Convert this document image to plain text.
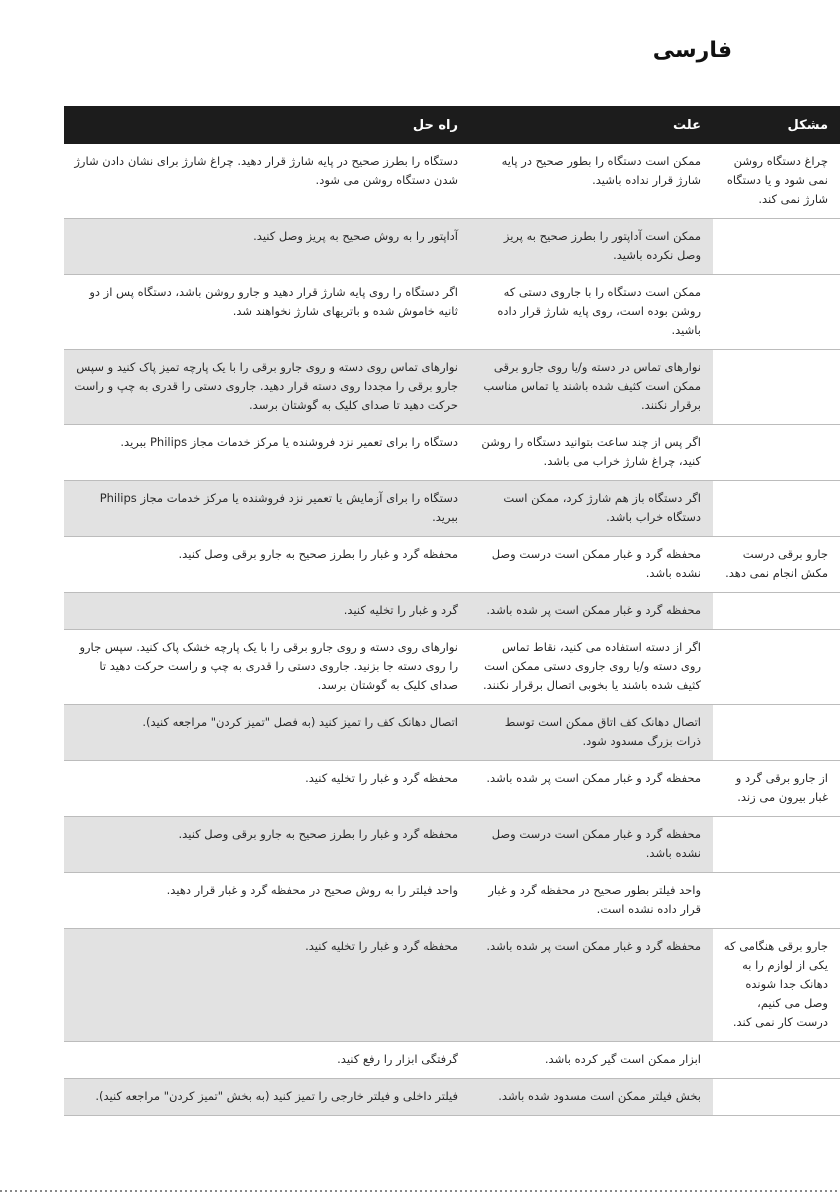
فارسی
مشکل	علت	راه حل
چراغ دستگاه روشن نمی شود و یا دستگاه شارژ نمی کند.	ممکن است دستگاه را بطور صحیح در پایه شارژ قرار نداده باشید.	دستگاه را بطرز صحیح در پایه شارژ قرار دهید. چراغ شارژ برای نشان دادن شارژ شدن دستگاه روشن می شود.
	ممکن است آداپتور را بطرز صحیح به پریز وصل نکرده باشید.	آداپتور را به روش صحیح به پریز وصل کنید.
	ممکن است دستگاه را با جاروی دستی که روشن بوده است، روی پایه شارژ قرار داده باشید.	اگر دستگاه را روی پایه شارژ قرار دهید و جارو روشن باشد، دستگاه پس از دو ثانیه خاموش شده و باتریهای شارژ نخواهند شد.
	نوارهای تماس در دسته و/یا روی جارو برقی ممکن است کثیف شده باشند یا تماس مناسب برقرار نکنند.	نوارهای تماس روی دسته و روی جارو برقی را با یک پارچه تمیز پاک کنید و سپس جارو برقی را مجددا روی دسته قرار دهید. جاروی دستی را قدری به چپ و راست حرکت دهید تا صدای کلیک به گوشتان برسد.
	اگر پس از چند ساعت بتوانید دستگاه را روشن کنید، چراغ شارژ خراب می باشد.	دستگاه را برای تعمیر نزد فروشنده یا مرکز خدمات مجاز Philips ببرید.
	اگر دستگاه باز هم شارژ کرد، ممکن است دستگاه خراب باشد.	دستگاه را برای آزمایش یا تعمیر نزد فروشنده یا مرکز خدمات مجاز Philips ببرید.
جارو برقی درست مکش انجام نمی دهد.	محفظه گرد و غبار ممکن است درست وصل نشده باشد.	محفظه گرد و غبار را بطرز صحیح به جارو برقی وصل کنید.
	محفظه گرد و غبار ممکن است پر شده باشد.	گرد و غبار را تخلیه کنید.
	اگر از دسته استفاده می کنید، نقاط تماس روی دسته و/یا روی جاروی دستی ممکن است کثیف شده باشند یا بخوبی اتصال برقرار نکنند.	نوارهای روی دسته و روی جارو برقی را با یک پارچه خشک پاک کنید. سپس جارو را روی دسته جا بزنید. جاروی دستی را قدری به چپ و راست حرکت دهید تا صدای کلیک به گوشتان برسد.
	اتصال دهانک کف اتاق ممکن است توسط ذرات بزرگ مسدود شود.	اتصال دهانک کف را تمیز کنید (به فصل "تمیز کردن" مراجعه کنید).
از جارو برقی گرد و غبار بیرون می زند.	محفظه گرد و غبار ممکن است پر شده باشد.	محفظه گرد و غبار را تخلیه کنید.
	محفظه گرد و غبار ممکن است درست وصل نشده باشد.	محفظه گرد و غبار را بطرز صحیح به جارو برقی وصل کنید.
	واحد فیلتر بطور صحیح در محفظه گرد و غبار قرار داده نشده است.	واحد فیلتر را به روش صحیح در محفظه گرد و غبار قرار دهید.
جارو برقی هنگامی که یکی از لوازم را به دهانک جدا شونده وصل می کنیم، درست کار نمی کند.	محفظه گرد و غبار ممکن است پر شده باشد.	محفظه گرد و غبار را تخلیه کنید.
	ابزار ممکن است گیر کرده باشد.	گرفتگی ابزار را رفع کنید.
	بخش فیلتر ممکن است مسدود شده باشد.	فیلتر داخلی و فیلتر خارجی را تمیز کنید (به بخش "تمیز کردن" مراجعه کنید).
